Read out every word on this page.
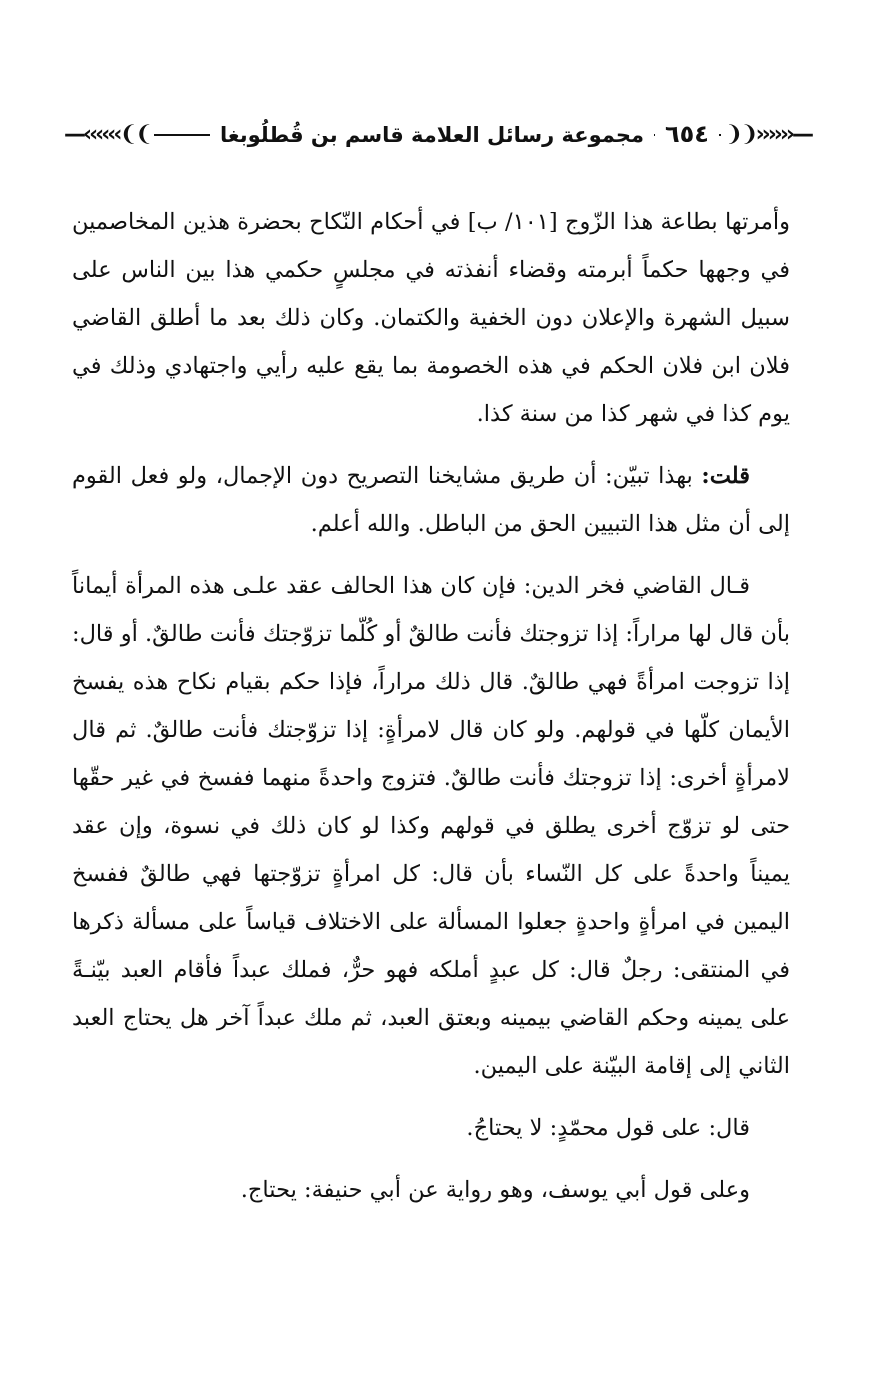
—‹‹‹‹‹‹❨❨	مجموعة رسائل العلامة قاسم بن قُطلُوبغا ٦٥٤ ❩❩››››››—

وأمرتها بطاعة هذا الزّوج [١٠١/ ب] في أحكام النّكاح بحضرة هذين المخاصمين في وجهها حكماً أبرمته وقضاء أنفذته في مجلسٍ حكمي هذا بين الناس على سبيل الشهرة والإعلان دون الخفية والكتمان. وكان ذلك بعد ما أطلق القاضي فلان ابن فلان الحكم في هذه الخصومة بما يقع عليه رأيي واجتهادي وذلك في يوم كذا في شهر كذا من سنة كذا.

قلت: بهذا تبيّن: أن طريق مشايخنا التصريح دون الإجمال، ولو فعل القوم إلى أن مثل هذا التبيين الحق من الباطل. والله أعلم.

قـال القاضي فخر الدين: فإن كان هذا الحالف عقد علـى هذه المرأة أيماناً بأن قال لها مراراً: إذا تزوجتك فأنت طالقٌ أو كُلّما تزوّجتك فأنت طالقٌ. أو قال: إذا تزوجت امرأةً فهي طالقٌ. قال ذلك مراراً، فإذا حكم بقيام نكاح هذه يفسخ الأيمان كلّها في قولهم. ولو كان قال لامرأةٍ: إذا تزوّجتك فأنت طالقٌ. ثم قال لامرأةٍ أخرى: إذا تزوجتك فأنت طالقٌ. فتزوج واحدةً منهما ففسخ في غير حقّها حتى لو تزوّج أخرى يطلق في قولهم وكذا لو كان ذلك في نسوة، وإن عقد يميناً واحدةً على كل النّساء بأن قال: كل امرأةٍ تزوّجتها فهي طالقٌ ففسخ اليمين في امرأةٍ واحدةٍ جعلوا المسألة على الاختلاف قياساً على مسألة ذكرها في المنتقى: رجلٌ قال: كل عبدٍ أملكه فهو حرٌّ، فملك عبداً فأقام العبد بيّنـةً على يمينه وحكم القاضي بيمينه وبعتق العبد، ثم ملك عبداً آخر هل يحتاج العبد الثاني إلى إقامة البيّنة على اليمين.

قال: على قول محمّدٍ: لا يحتاجُ.

وعلى قول أبي يوسف، وهو رواية عن أبي حنيفة: يحتاج.
